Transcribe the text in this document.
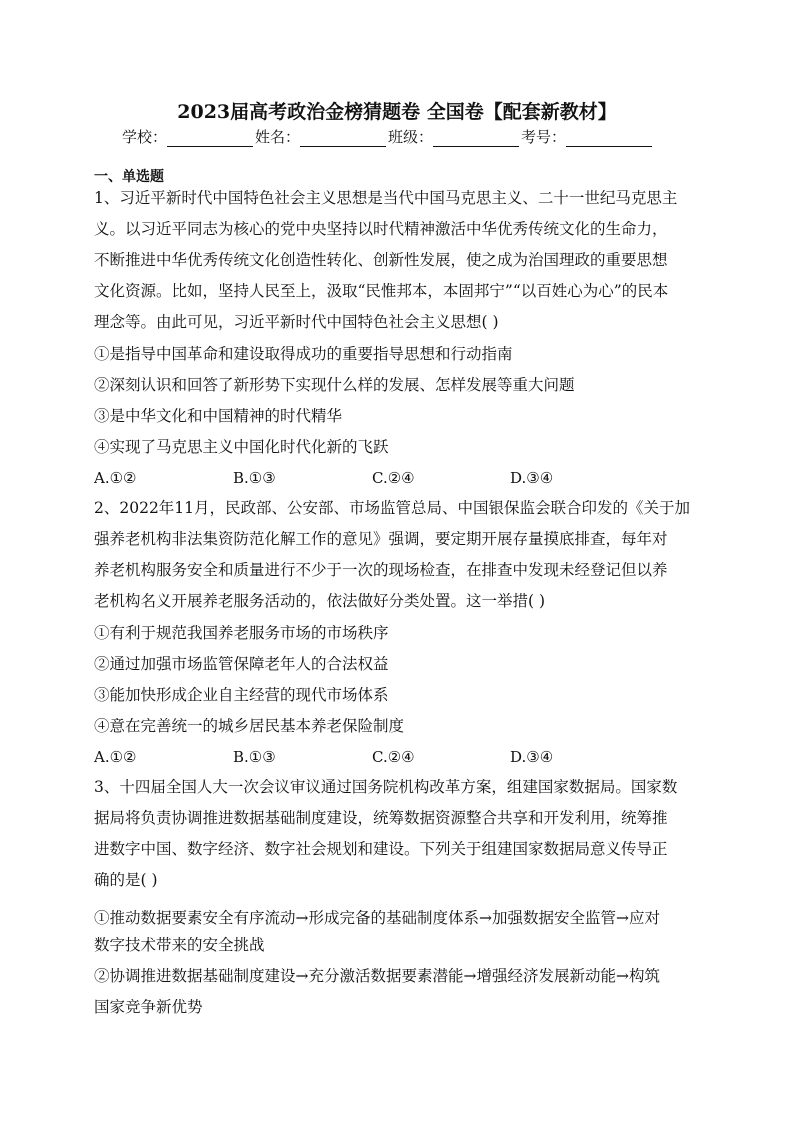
2023届高考政治金榜猜题卷 全国卷【配套新教材】
学校：	姓名：	班级：	考号：
一、单选题
1、习近平新时代中国特色社会主义思想是当代中国马克思主义、二十一世纪马克思主
义。以习近平同志为核心的党中央坚持以时代精神激活中华优秀传统文化的生命力，
不断推进中华优秀传统文化创造性转化、创新性发展，使之成为治国理政的重要思想
文化资源。比如，坚持人民至上，汲取“民惟邦本，本固邦宁”“以百姓心为心”的民本
理念等。由此可见，习近平新时代中国特色社会主义思想( )
①是指导中国革命和建设取得成功的重要指导思想和行动指南
②深刻认识和回答了新形势下实现什么样的发展、怎样发展等重大问题
③是中华文化和中国精神的时代精华
④实现了马克思主义中国化时代化新的飞跃
A.①②	B.①③	C.②④	D.③④
2、2022年11月，民政部、公安部、市场监管总局、中国银保监会联合印发的《关于加
强养老机构非法集资防范化解工作的意见》强调，要定期开展存量摸底排查，每年对
养老机构服务安全和质量进行不少于一次的现场检查，在排查中发现未经登记但以养
老机构名义开展养老服务活动的，依法做好分类处置。这一举措( )
①有利于规范我国养老服务市场的市场秩序
②通过加强市场监管保障老年人的合法权益
③能加快形成企业自主经营的现代市场体系
④意在完善统一的城乡居民基本养老保险制度
A.①②	B.①③	C.②④	D.③④
3、十四届全国人大一次会议审议通过国务院机构改革方案，组建国家数据局。国家数
据局将负责协调推进数据基础制度建设，统筹数据资源整合共享和开发利用，统筹推
进数字中国、数字经济、数字社会规划和建设。下列关于组建国家数据局意义传导正
确的是( )
①推动数据要素安全有序流动→形成完备的基础制度体系→加强数据安全监管→应对
数字技术带来的安全挑战
②协调推进数据基础制度建设→充分激活数据要素潜能→增强经济发展新动能→构筑
国家竞争新优势
